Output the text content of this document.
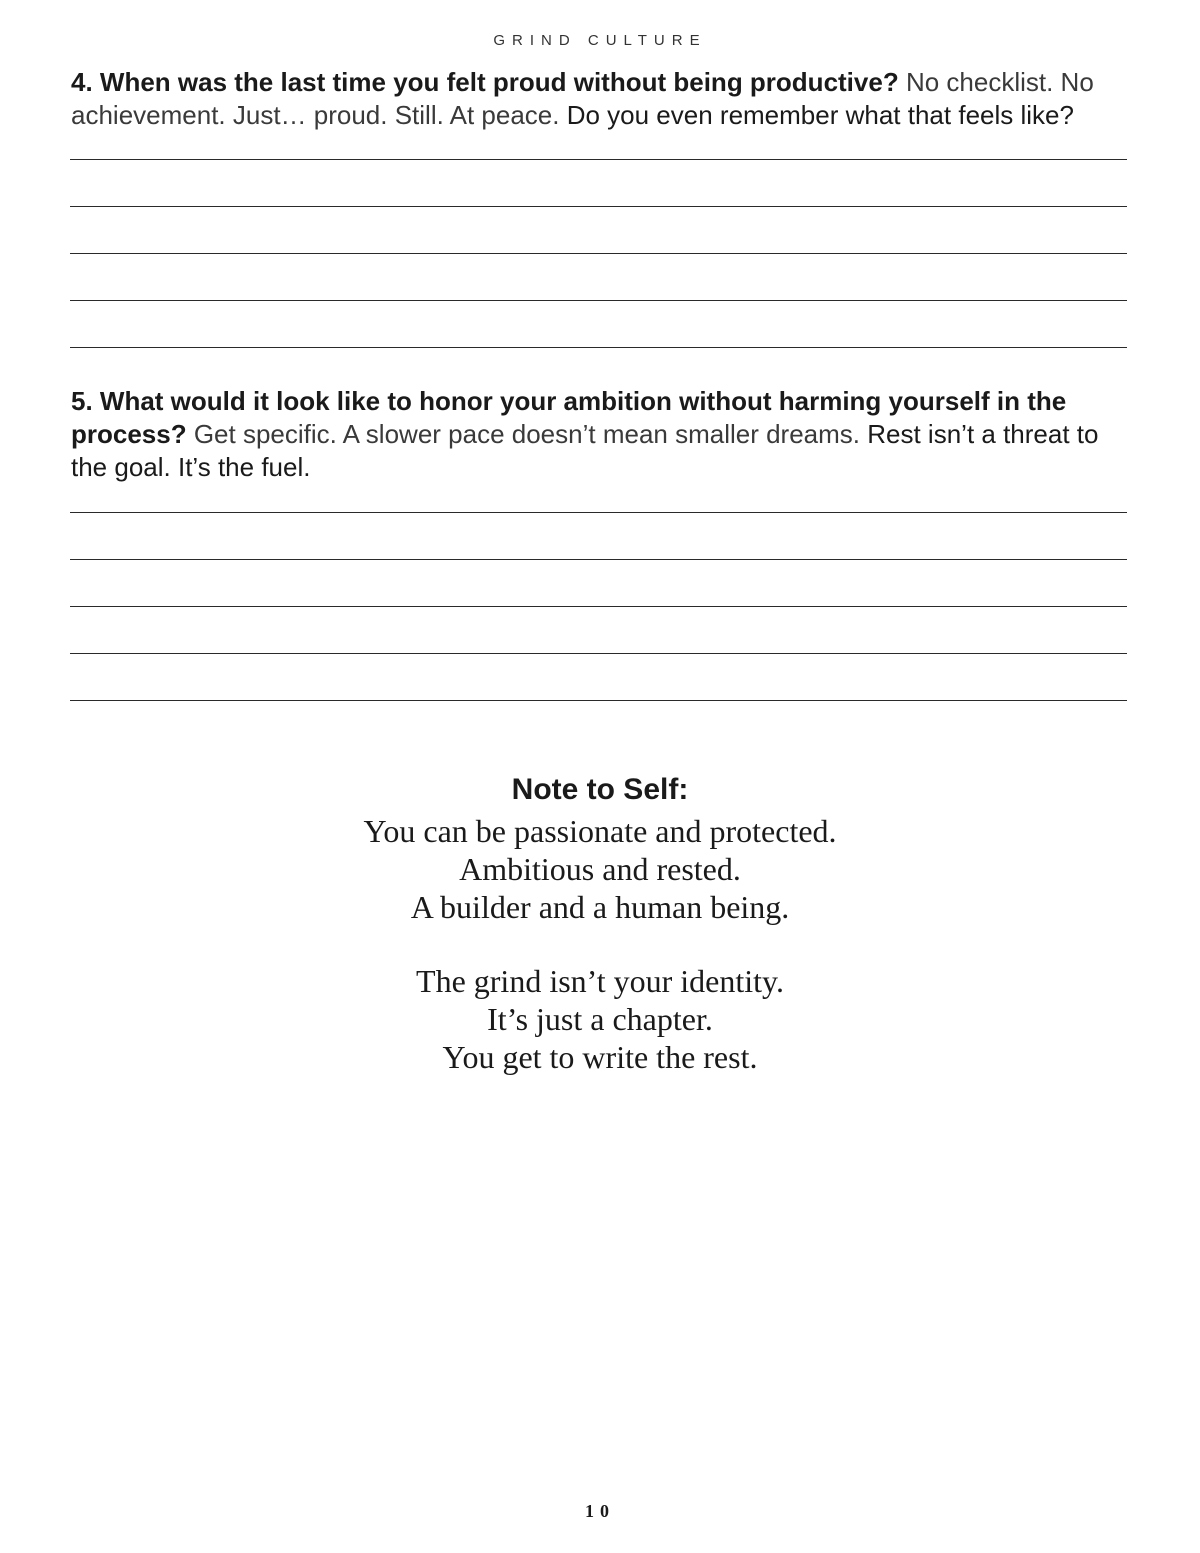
GRIND CULTURE
4. When was the last time you felt proud without being productive? No checklist. No achievement. Just… proud. Still. At peace. Do you even remember what that feels like?
5. What would it look like to honor your ambition without harming yourself in the process? Get specific. A slower pace doesn’t mean smaller dreams. Rest isn’t a threat to the goal. It’s the fuel.
Note to Self:
You can be passionate and protected.
Ambitious and rested.
A builder and a human being.
The grind isn’t your identity.
It’s just a chapter.
You get to write the rest.
10
